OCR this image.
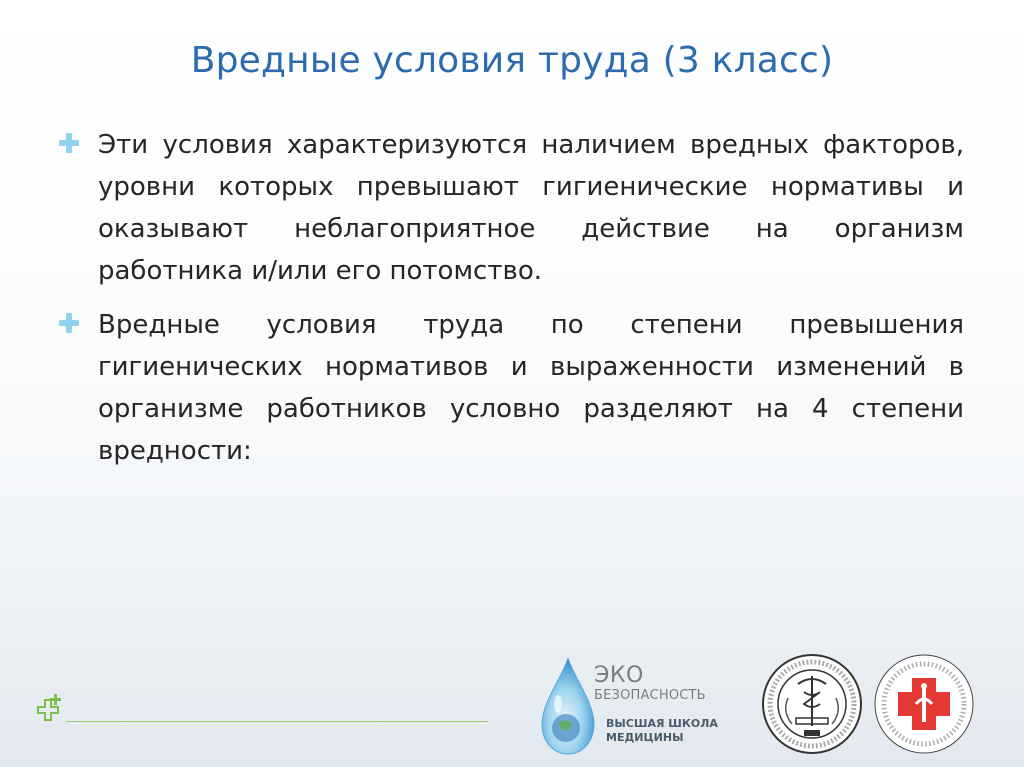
Вредные условия труда (3 класс)
Эти условия характеризуются наличием вредных факторов, уровни которых превышают гигиенические нормативы и оказывают неблагоприятное действие на организм работника и/или его потомство.
Вредные условия труда по степени превышения гигиенических нормативов и выраженности изменений в организме работников условно разделяют на 4 степени вредности:
ЭКО
БЕЗОПАСНОСТЬ
ВЫСШАЯ ШКОЛА
МЕДИЦИНЫ
